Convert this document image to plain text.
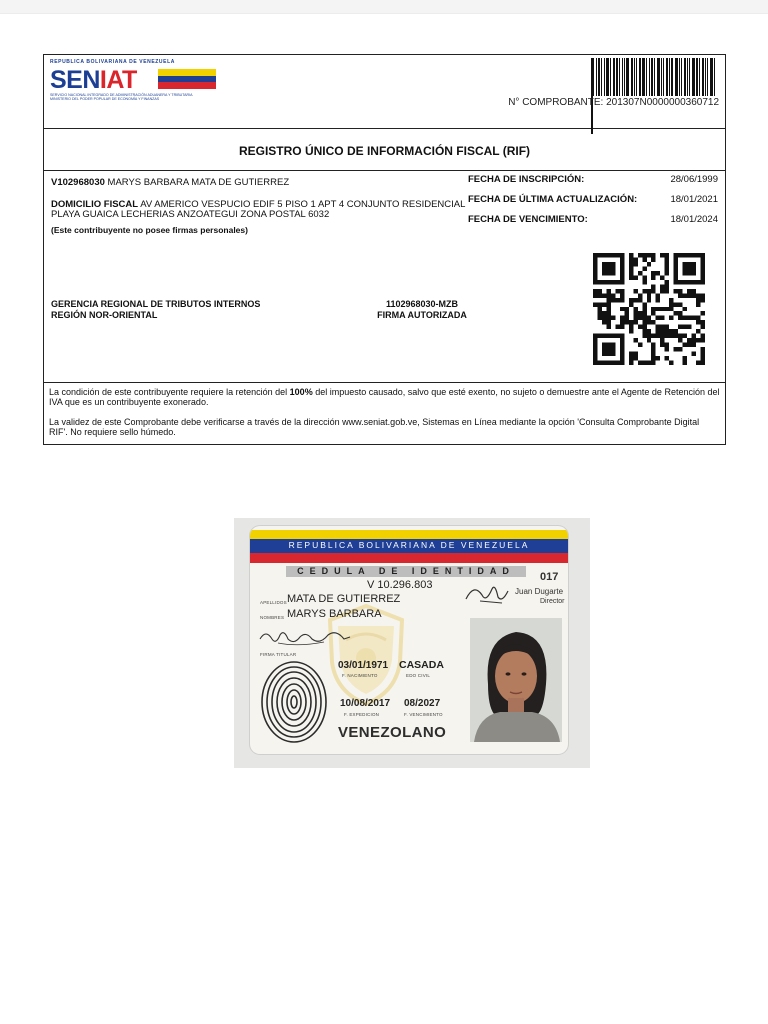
REPUBLICA BOLIVARIANA DE VENEZUELA
SENIAT
SERVICIO NACIONAL INTEGRADO DE ADMINISTRACIÓN ADUANERA Y TRIBUTARIA
MINISTERIO DEL PODER POPULAR DE ECONOMÍA Y FINANZAS	N° COMPROBANTE: 201307N0000000360712
REGISTRO ÚNICO DE INFORMACIÓN FISCAL (RIF)
V102968030 MARYS BARBARA MATA DE GUTIERREZ
DOMICILIO FISCAL AV AMERICO VESPUCIO EDIF 5 PISO 1 APT 4 CONJUNTO RESIDENCIAL PLAYA GUAICA LECHERIAS ANZOATEGUI ZONA POSTAL 6032
(Este contribuyente no posee firmas personales)
FECHA DE INSCRIPCIÓN:	28/06/1999
FECHA DE ÚLTIMA ACTUALIZACIÓN:	18/01/2021
FECHA DE VENCIMIENTO:	18/01/2024
GERENCIA REGIONAL DE TRIBUTOS INTERNOS
REGIÓN NOR-ORIENTAL
1102968030-MZB
FIRMA AUTORIZADA

La condición de este contribuyente requiere la retención del 100% del impuesto causado, salvo que esté exento, no sujeto o demuestre ante el Agente de Retención del IVA que es un contribuyente exonerado.

La validez de este Comprobante debe verificarse a través de la dirección www.seniat.gob.ve, Sistemas en Línea mediante la opción 'Consulta Comprobante Digital RIF'. No requiere sello húmedo.

REPUBLICA BOLIVARIANA DE VENEZUELA
CEDULA DE IDENTIDAD
V 10.296.803
017
Juan Dugarte
Director
APELLIDOS MATA DE GUTIERREZ
NOMBRES MARYS BARBARA
FIRMA TITULAR
03/01/1971
F. NACIMIENTO
CASADA
EDO CIVIL
10/08/2017
F. EXPEDICION
08/2027
F. VENCIMIENTO
VENEZOLANO
